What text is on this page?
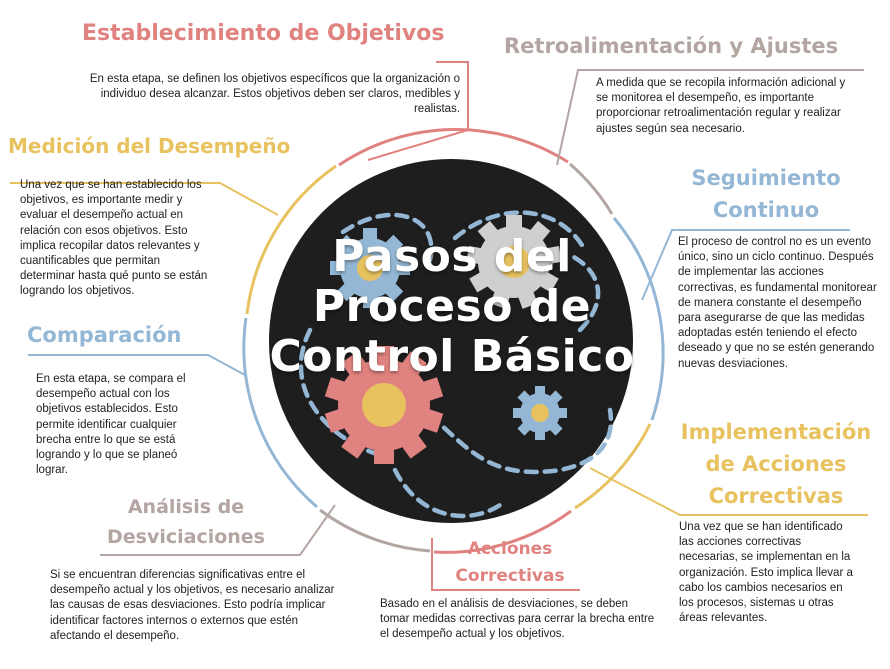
Pasos del Proceso de Control Básico
Establecimiento de Objetivos	Retroalimentación y Ajustes
Medición del Desempeño
Seguimiento Continuo
Comparación
Implementación de Acciones Correctivas
Análisis de Desviciaciones
Acciones Correctivas
En esta etapa, se definen los objetivos específicos que la organización o individuo desea alcanzar. Estos objetivos deben ser claros, medibles y realistas.
A medida que se recopila información adicional y se monitorea el desempeño, es importante proporcionar retroalimentación regular y realizar ajustes según sea necesario.
Una vez que se han establecido los objetivos, es importante medir y evaluar el desempeño actual en relación con esos objetivos. Esto implica recopilar datos relevantes y cuantificables que permitan determinar hasta qué punto se están logrando los objetivos.
El proceso de control no es un evento único, sino un ciclo continuo. Después de implementar las acciones correctivas, es fundamental monitorear de manera constante el desempeño para asegurarse de que las medidas adoptadas estén teniendo el efecto deseado y que no se estén generando nuevas desviaciones.
En esta etapa, se compara el desempeño actual con los objetivos establecidos. Esto permite identificar cualquier brecha entre lo que se está logrando y lo que se planeó lograr.
Una vez que se han identificado las acciones correctivas necesarias, se implementan en la organización. Esto implica llevar a cabo los cambios necesarios en los procesos, sistemas u otras áreas relevantes.
Si se encuentran diferencias significativas entre el desempeño actual y los objetivos, es necesario analizar las causas de esas desviaciones. Esto podría implicar identificar factores internos o externos que estén afectando el desempeño.
Basado en el análisis de desviaciones, se deben tomar medidas correctivas para cerrar la brecha entre el desempeño actual y los objetivos.
